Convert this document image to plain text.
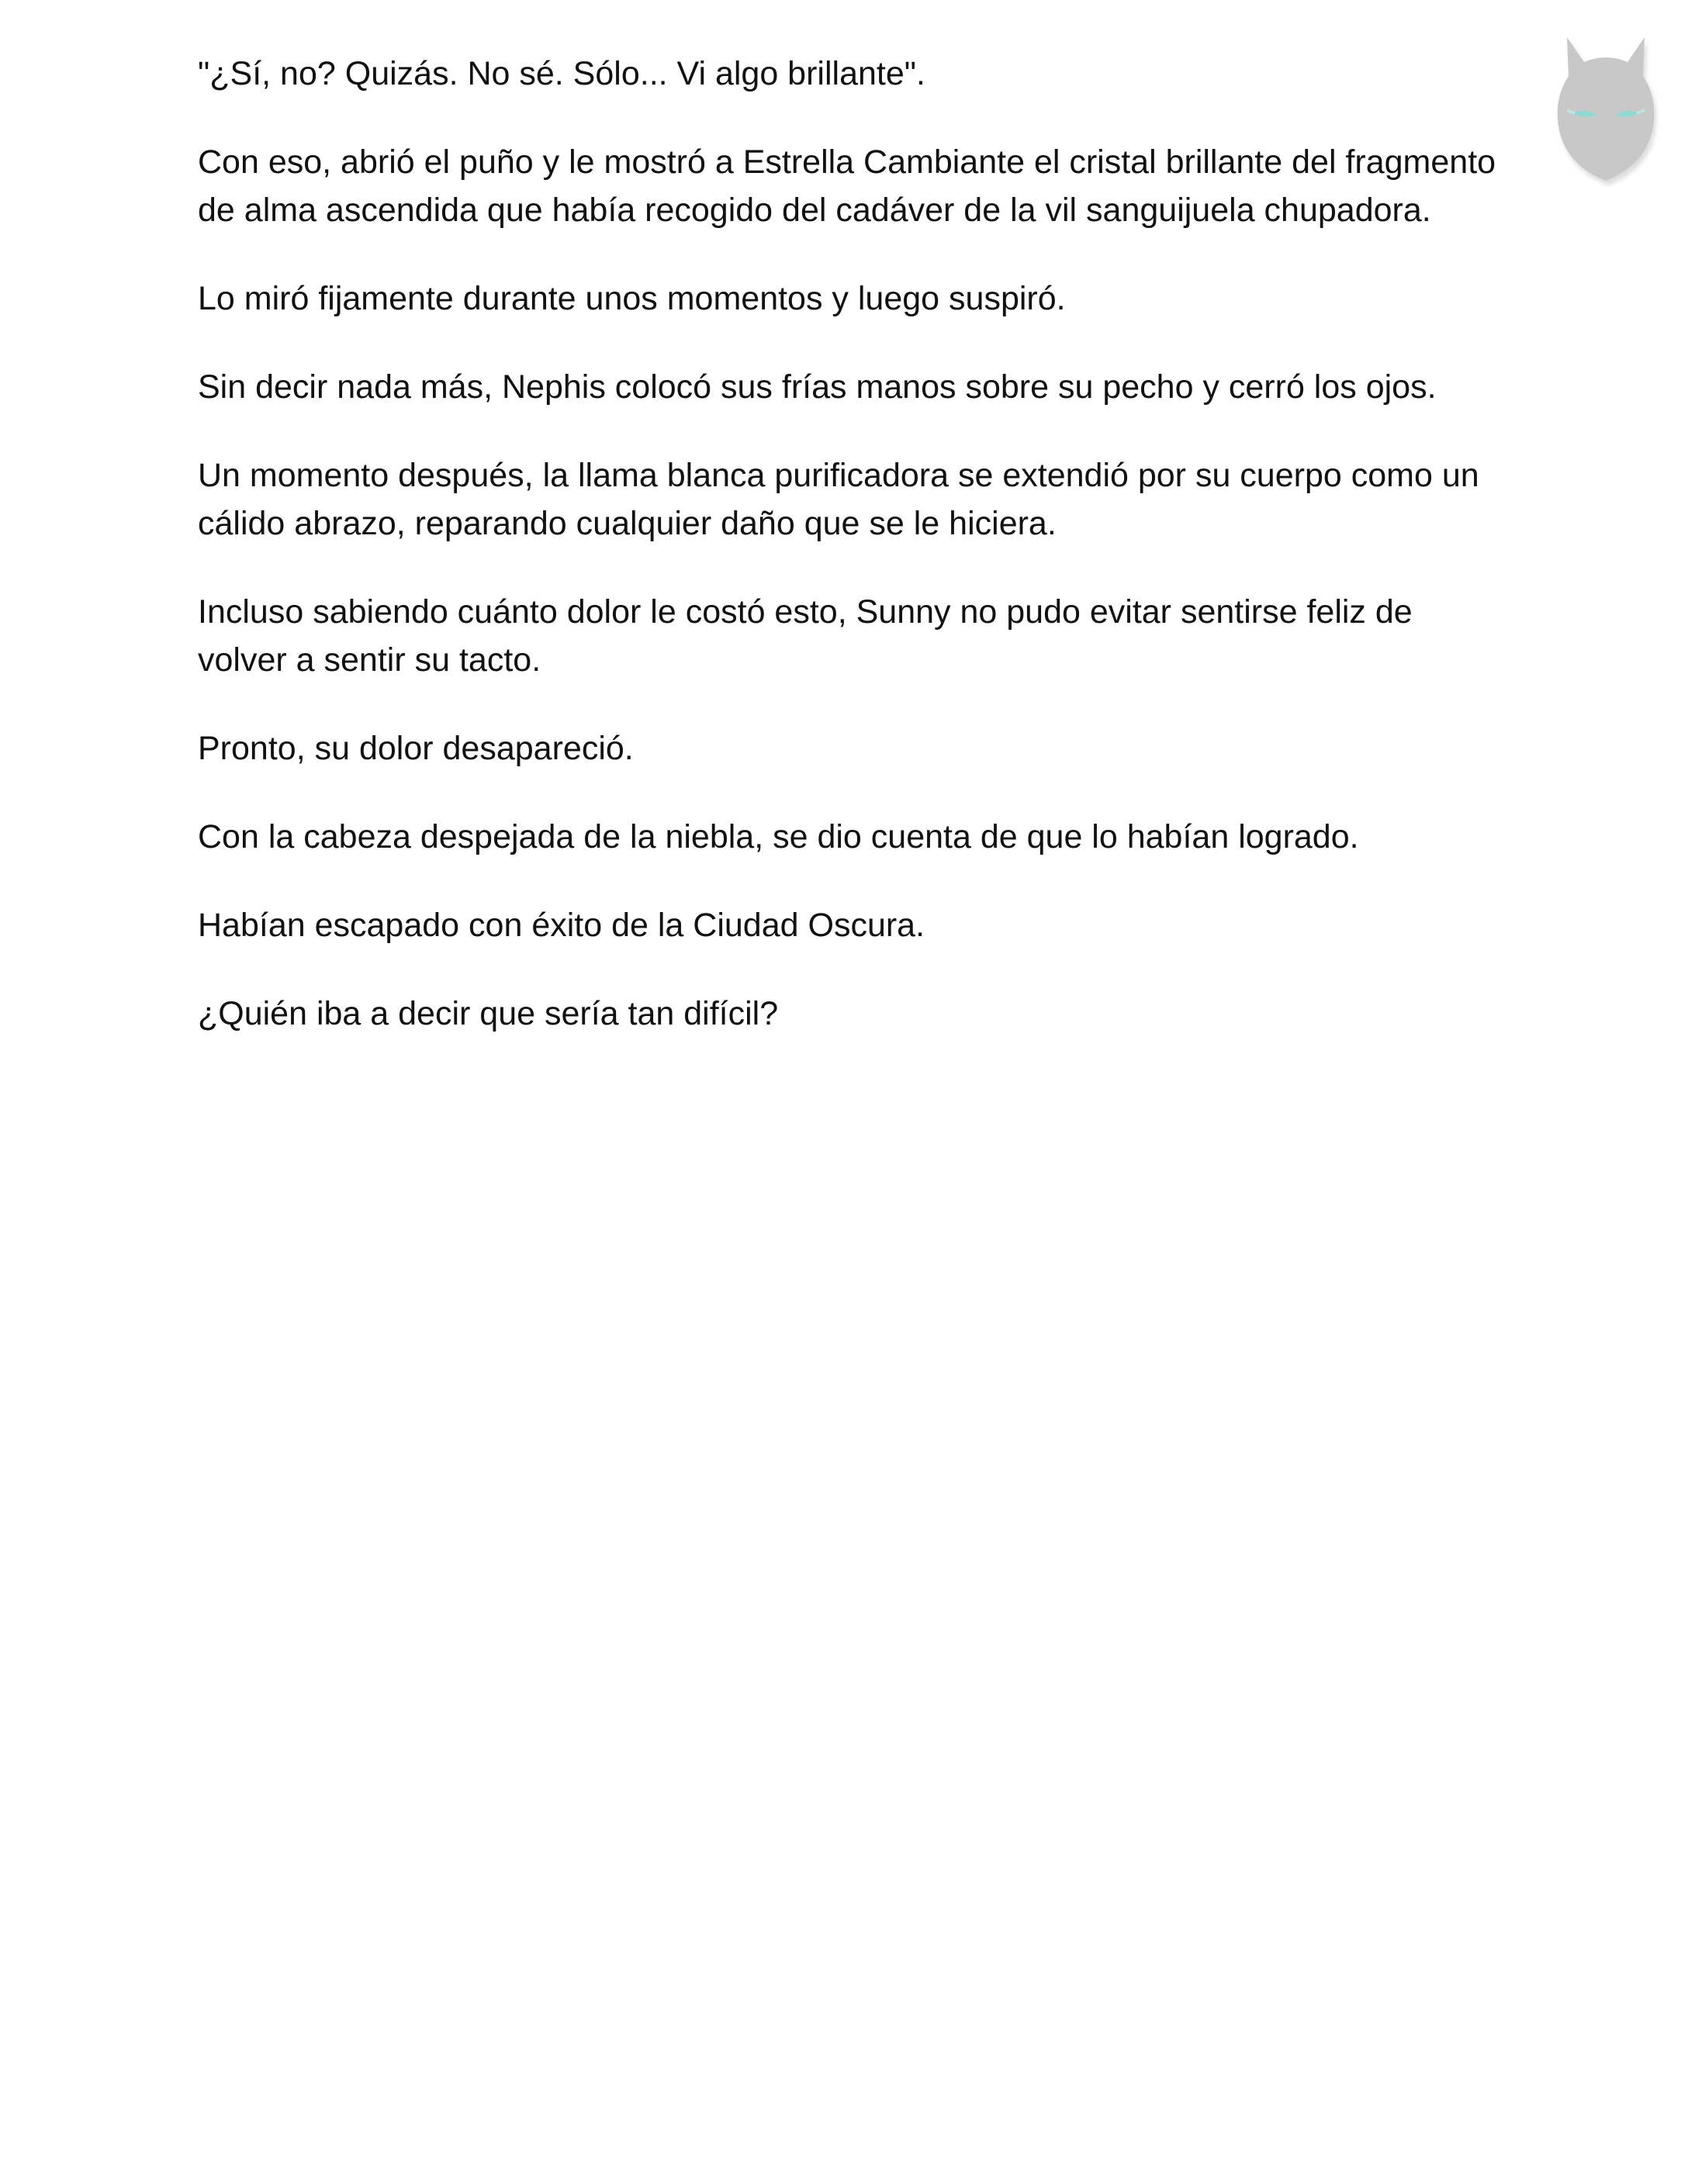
"¿Sí, no? Quizás. No sé. Sólo... Vi algo brillante".

Con eso, abrió el puño y le mostró a Estrella Cambiante el cristal brillante del fragmento de alma ascendida que había recogido del cadáver de la vil sanguijuela chupadora.

Lo miró fijamente durante unos momentos y luego suspiró.

Sin decir nada más, Nephis colocó sus frías manos sobre su pecho y cerró los ojos.

Un momento después, la llama blanca purificadora se extendió por su cuerpo como un cálido abrazo, reparando cualquier daño que se le hiciera.

Incluso sabiendo cuánto dolor le costó esto, Sunny no pudo evitar sentirse feliz de volver a sentir su tacto.

Pronto, su dolor desapareció.

Con la cabeza despejada de la niebla, se dio cuenta de que lo habían logrado.

Habían escapado con éxito de la Ciudad Oscura.

¿Quién iba a decir que sería tan difícil?
